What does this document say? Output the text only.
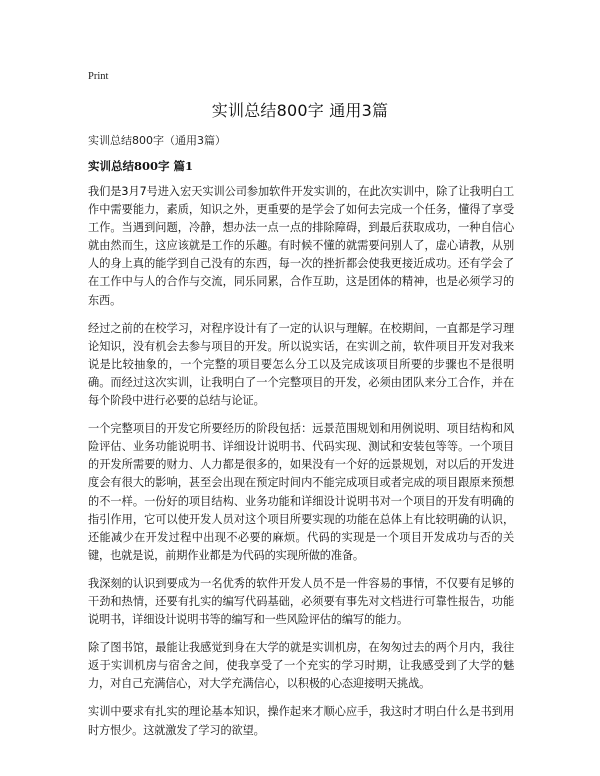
Print
实训总结800字 通用3篇
实训总结800字（通用3篇）
实训总结800字 篇1

我们是3月7号进入宏天实训公司参加软件开发实训的，在此次实训中，除了让我明白工作中需要能力，素质，知识之外，更重要的是学会了如何去完成一个任务，懂得了享受工作。当遇到问题，冷静，想办法一点一点的排除障碍，到最后获取成功，一种自信心就由然而生，这应该就是工作的乐趣。有时候不懂的就需要问别人了，虚心请教，从别人的身上真的能学到自己没有的东西，每一次的挫折都会使我更接近成功。还有学会了在工作中与人的合作与交流，同乐同累，合作互助，这是团体的精神，也是必须学习的东西。

经过之前的在校学习，对程序设计有了一定的认识与理解。在校期间，一直都是学习理论知识，没有机会去参与项目的开发。所以说实话，在实训之前，软件项目开发对我来说是比较抽象的，一个完整的项目要怎么分工以及完成该项目所要的步骤也不是很明确。而经过这次实训，让我明白了一个完整项目的开发，必须由团队来分工合作，并在每个阶段中进行必要的总结与论证。

一个完整项目的开发它所要经历的阶段包括：远景范围规划和用例说明、项目结构和风险评估、业务功能说明书、详细设计说明书、代码实现、测试和安装包等等。一个项目的开发所需要的财力、人力都是很多的，如果没有一个好的远景规划，对以后的开发进度会有很大的影响，甚至会出现在预定时间内不能完成项目或者完成的项目跟原来预想的不一样。一份好的项目结构、业务功能和详细设计说明书对一个项目的开发有明确的指引作用，它可以使开发人员对这个项目所要实现的功能在总体上有比较明确的认识，还能减少在开发过程中出现不必要的麻烦。代码的实现是一个项目开发成功与否的关键，也就是说，前期作业都是为代码的实现所做的准备。

我深刻的认识到要成为一名优秀的软件开发人员不是一件容易的事情，不仅要有足够的干劲和热情，还要有扎实的编写代码基础，必须要有事先对文档进行可靠性报告，功能说明书，详细设计说明书等的编写和一些风险评估的编写的能力。

除了图书馆，最能让我感觉到身在大学的就是实训机房，在匆匆过去的两个月内，我往返于实训机房与宿舍之间，使我享受了一个充实的学习时期，让我感受到了大学的魅力，对自己充满信心，对大学充满信心，以积极的心态迎接明天挑战。

实训中要求有扎实的理论基本知识，操作起来才顺心应手，我这时才明白什么是书到用时方恨少。这就激发了学习的欲望。
